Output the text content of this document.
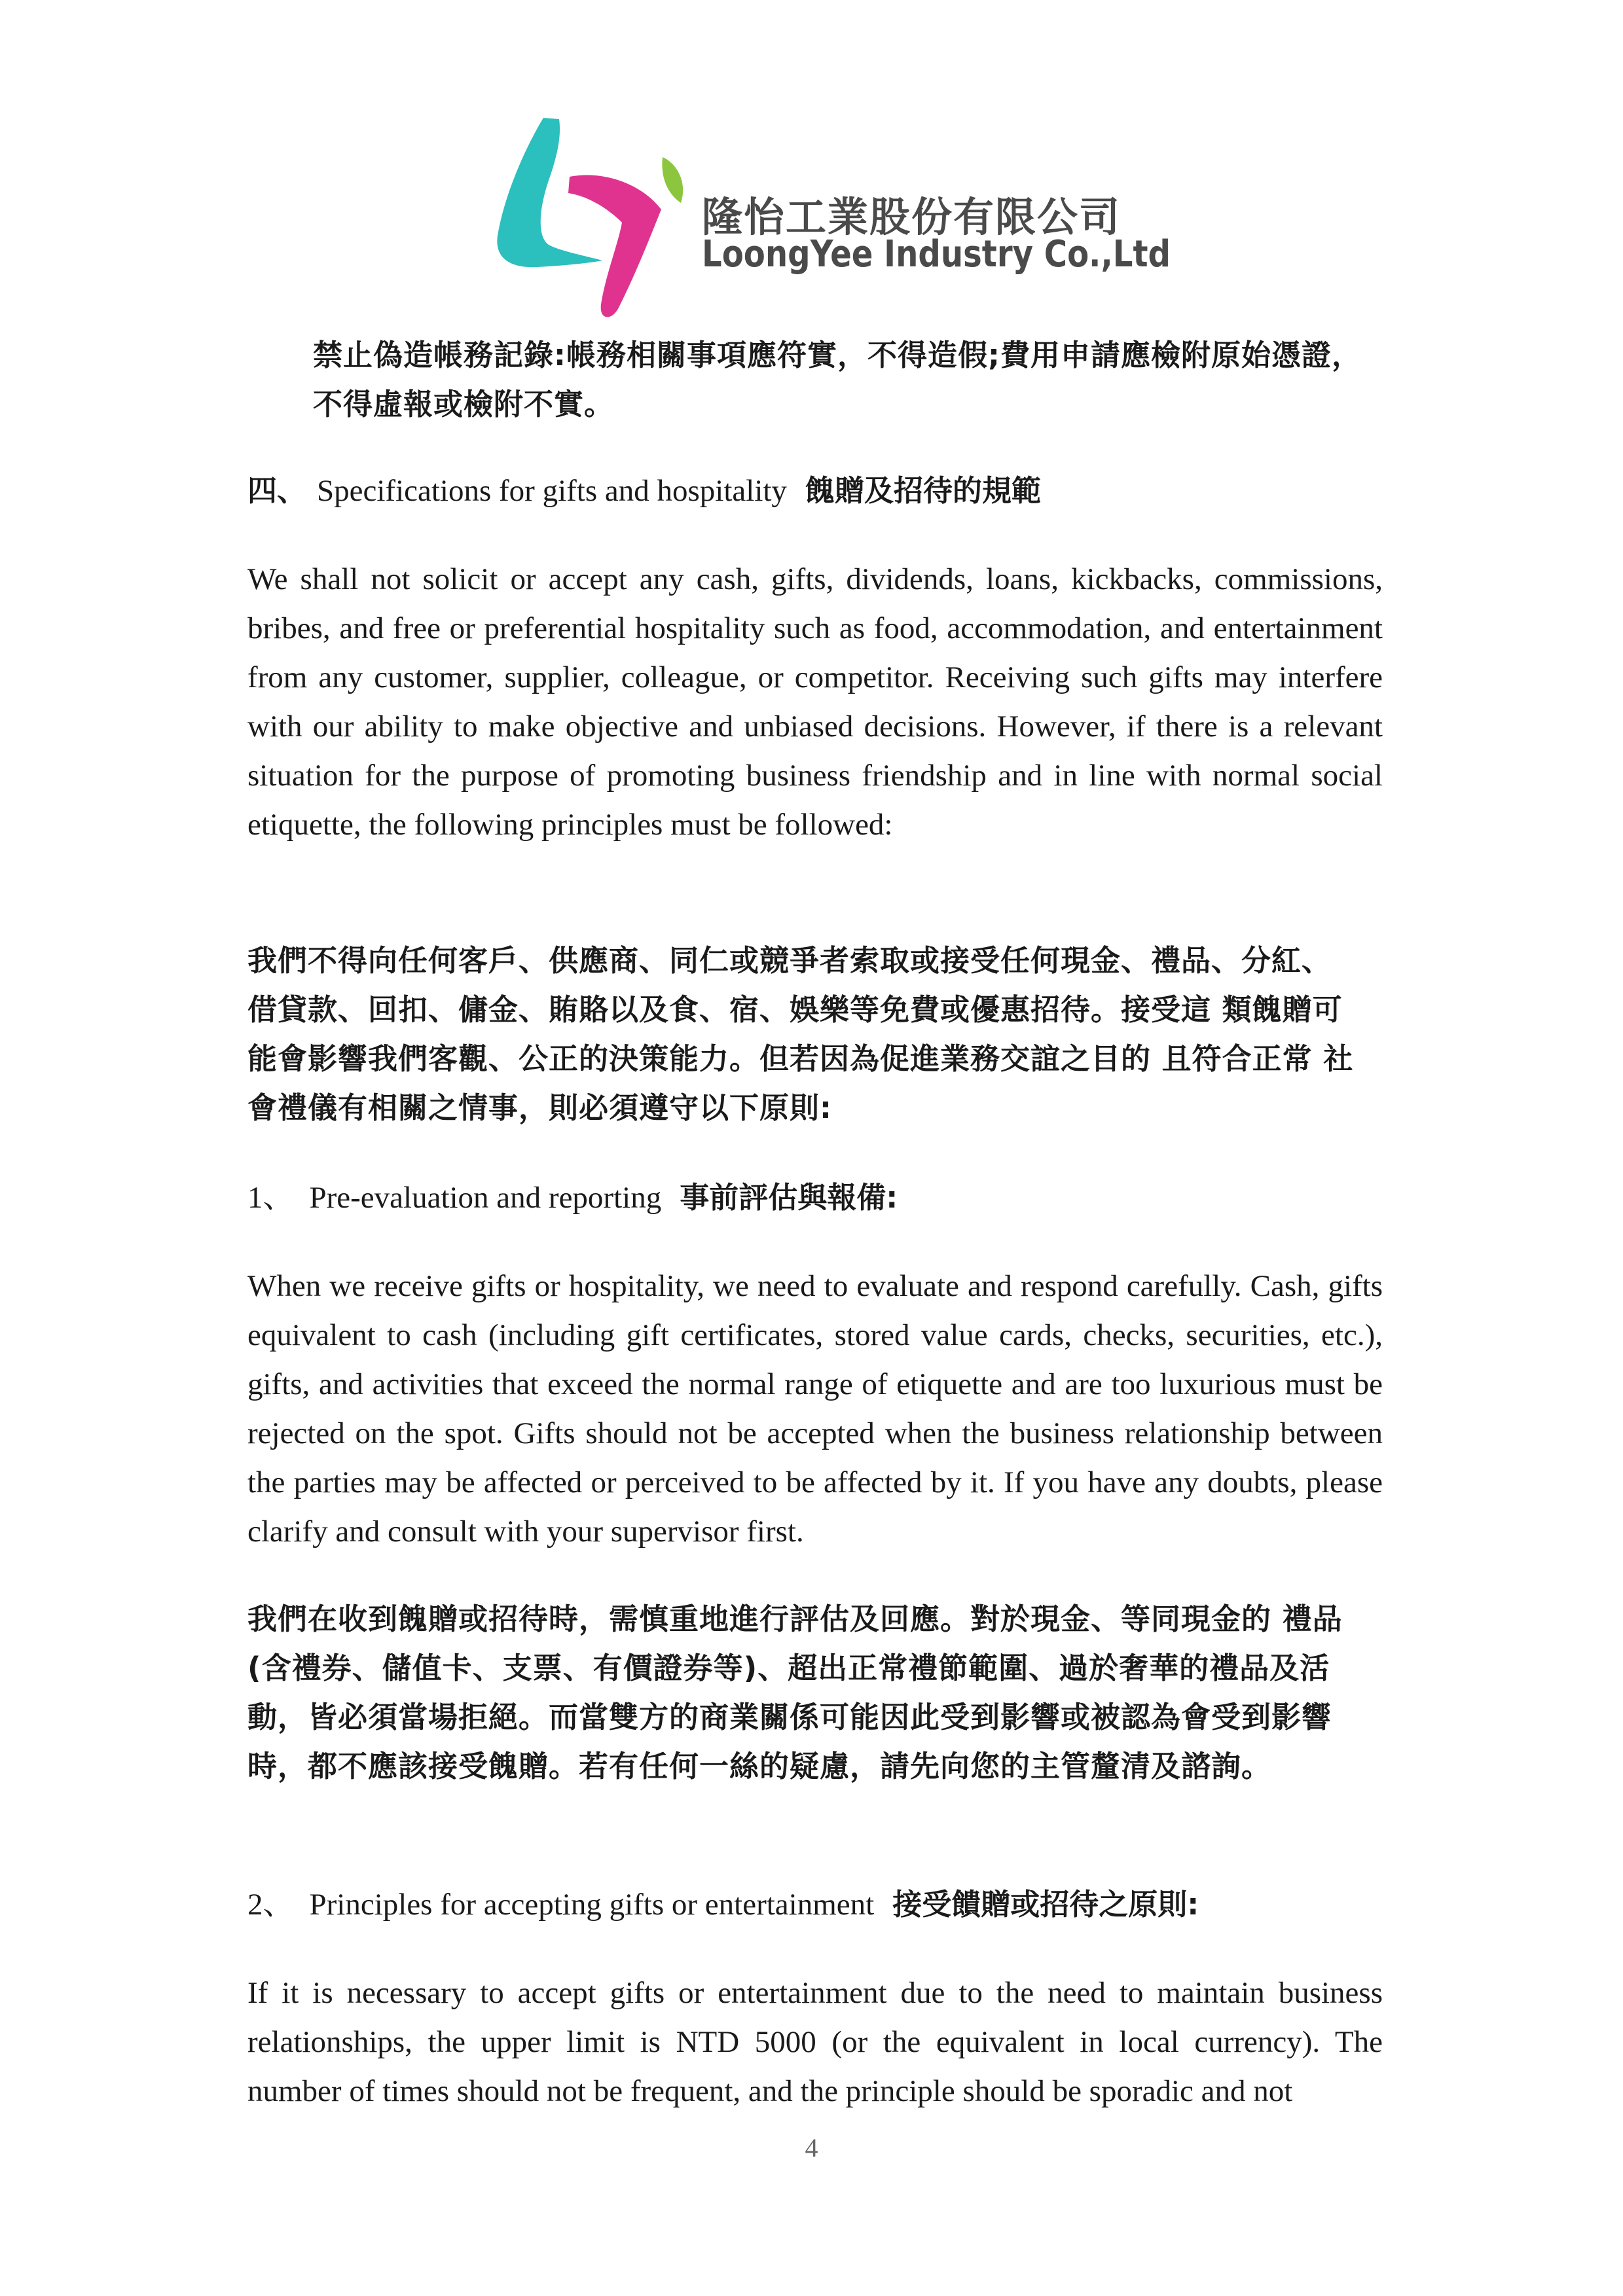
隆怡工業股份有限公司
LoongYee Industry Co.,Ltd
禁止偽造帳務記錄:帳務相關事項應符實，不得造假;費用申請應檢附原始憑證，不得虛報或檢附不實。
四、 Specifications for gifts and hospitality 餽贈及招待的規範
We shall not solicit or accept any cash, gifts, dividends, loans, kickbacks, commissions, bribes, and free or preferential hospitality such as food, accommodation, and entertainment from any customer, supplier, colleague, or competitor. Receiving such gifts may interfere with our ability to make objective and unbiased decisions. However, if there is a relevant situation for the purpose of promoting business friendship and in line with normal social etiquette, the following principles must be followed:
我們不得向任何客戶、供應商、同仁或競爭者索取或接受任何現金、禮品、分紅、借貸款、回扣、傭金、賄賂以及食、宿、娛樂等免費或優惠招待。接受這 類餽贈可能會影響我們客觀、公正的決策能力。但若因為促進業務交誼之目的 且符合正常 社會禮儀有相關之情事，則必須遵守以下原則:
1、 Pre-evaluation and reporting 事前評估與報備:
When we receive gifts or hospitality, we need to evaluate and respond carefully. Cash, gifts equivalent to cash (including gift certificates, stored value cards, checks, securities, etc.), gifts, and activities that exceed the normal range of etiquette and are too luxurious must be rejected on the spot. Gifts should not be accepted when the business relationship between the parties may be affected or perceived to be affected by it. If you have any doubts, please clarify and consult with your supervisor first.
我們在收到餽贈或招待時，需慎重地進行評估及回應。對於現金、等同現金的 禮品 (含禮券、儲值卡、支票、有價證券等)、超出正常禮節範圍、過於奢華的禮品及活動，皆必須當場拒絕。而當雙方的商業關係可能因此受到影響或被認為會受到影響時，都不應該接受餽贈。若有任何一絲的疑慮，請先向您的主管釐清及諮詢。
2、 Principles for accepting gifts or entertainment 接受饋贈或招待之原則:
If it is necessary to accept gifts or entertainment due to the need to maintain business relationships, the upper limit is NTD 5000 (or the equivalent in local currency). The number of times should not be frequent, and the principle should be sporadic and not
4
